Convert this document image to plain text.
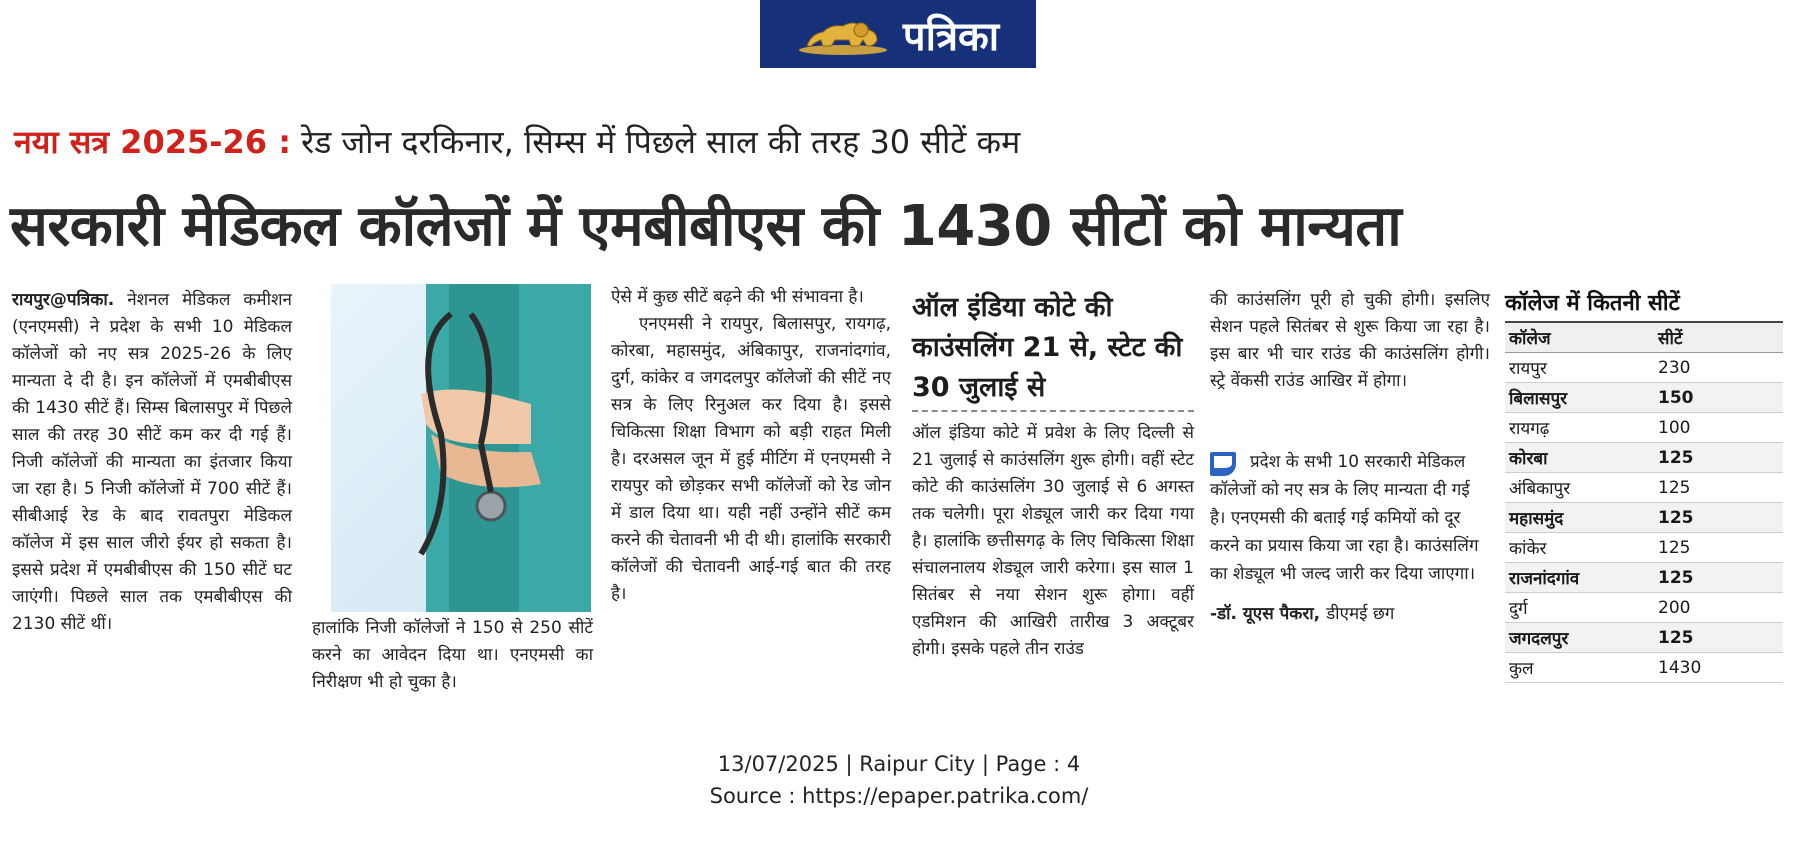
पत्रिका
नया सत्र 2025-26 : रेड जोन दरकिनार, सिम्स में पिछले साल की तरह 30 सीटें कम
सरकारी मेडिकल कॉलेजों में एमबीबीएस की 1430 सीटों को मान्यता

रायपुर@पत्रिका. नेशनल मेडिकल कमीशन (एनएमसी) ने प्रदेश के सभी 10 मेडिकल कॉलेजों को नए सत्र 2025-26 के लिए मान्यता दे दी है। इन कॉलेजों में एमबीबीएस की 1430 सीटें हैं। सिम्स बिलासपुर में पिछले साल की तरह 30 सीटें कम कर दी गई हैं। निजी कॉलेजों की मान्यता का इंतजार किया जा रहा है। 5 निजी कॉलेजों में 700 सीटें हैं। सीबीआई रेड के बाद रावतपुरा मेडिकल कॉलेज में इस साल जीरो ईयर हो सकता है। इससे प्रदेश में एमबीबीएस की 150 सीटें घट जाएंगी। पिछले साल तक एमबीबीएस की 2130 सीटें थीं।	हालांकि निजी कॉलेजों ने 150 से 250 सीटें करने का आवेदन दिया था। एनएमसी का निरीक्षण भी हो चुका है।

ऐसे में कुछ सीटें बढ़ने की भी संभावना है।

एनएमसी ने रायपुर, बिलासपुर, रायगढ़, कोरबा, महासमुंद, अंबिकापुर, राजनांदगांव, दुर्ग, कांकेर व जगदलपुर कॉलेजों की सीटें नए सत्र के लिए रिनुअल कर दिया है। इससे चिकित्सा शिक्षा विभाग को बड़ी राहत मिली है। दरअसल जून में हुई मीटिंग में एनएमसी ने रायपुर को छोड़कर सभी कॉलेजों को रेड जोन में डाल दिया था। यही नहीं उन्होंने सीटें कम करने की चेतावनी भी दी थी। हालांकि सरकारी कॉलेजों की चेतावनी आई-गई बात की तरह है।

ऑल इंडिया कोटे की काउंसलिंग 21 से, स्टेट की 30 जुलाई से

ऑल इंडिया कोटे में प्रवेश के लिए दिल्ली से 21 जुलाई से काउंसलिंग शुरू होगी। वहीं स्टेट कोटे की काउंसलिंग 30 जुलाई से 6 अगस्त तक चलेगी। पूरा शेड्यूल जारी कर दिया गया है। हालांकि छत्तीसगढ़ के लिए चिकित्सा शिक्षा संचालनालय शेड्यूल जारी करेगा। इस साल 1 सितंबर से नया सेशन शुरू होगा। वहीं एडमिशन की आखिरी तारीख 3 अक्टूबर होगी। इसके पहले तीन राउंड

की काउंसलिंग पूरी हो चुकी होगी। इसलिए सेशन पहले सितंबर से शुरू किया जा रहा है। इस बार भी चार राउंड की काउंसलिंग होगी। स्ट्रे वेंकसी राउंड आखिर में होगा।

प्रदेश के सभी 10 सरकारी मेडिकल कॉलेजों को नए सत्र के लिए मान्यता दी गई है। एनएमसी की बताई गई कमियों को दूर करने का प्रयास किया जा रहा है। काउंसलिंग का शेड्यूल भी जल्द जारी कर दिया जाएगा।
-डॉ. यूएस पैकरा, डीएमई छग
कॉलेज में कितनी सीटें
कॉलेज	सीटें
रायपुर	230
बिलासपुर	150
रायगढ़	100
कोरबा	125
अंबिकापुर	125
महासमुंद	125
कांकेर	125
राजनांदगांव	125
दुर्ग	200
जगदलपुर	125
कुल	1430
13/07/2025 | Raipur City | Page : 4
Source : https://epaper.patrika.com/
